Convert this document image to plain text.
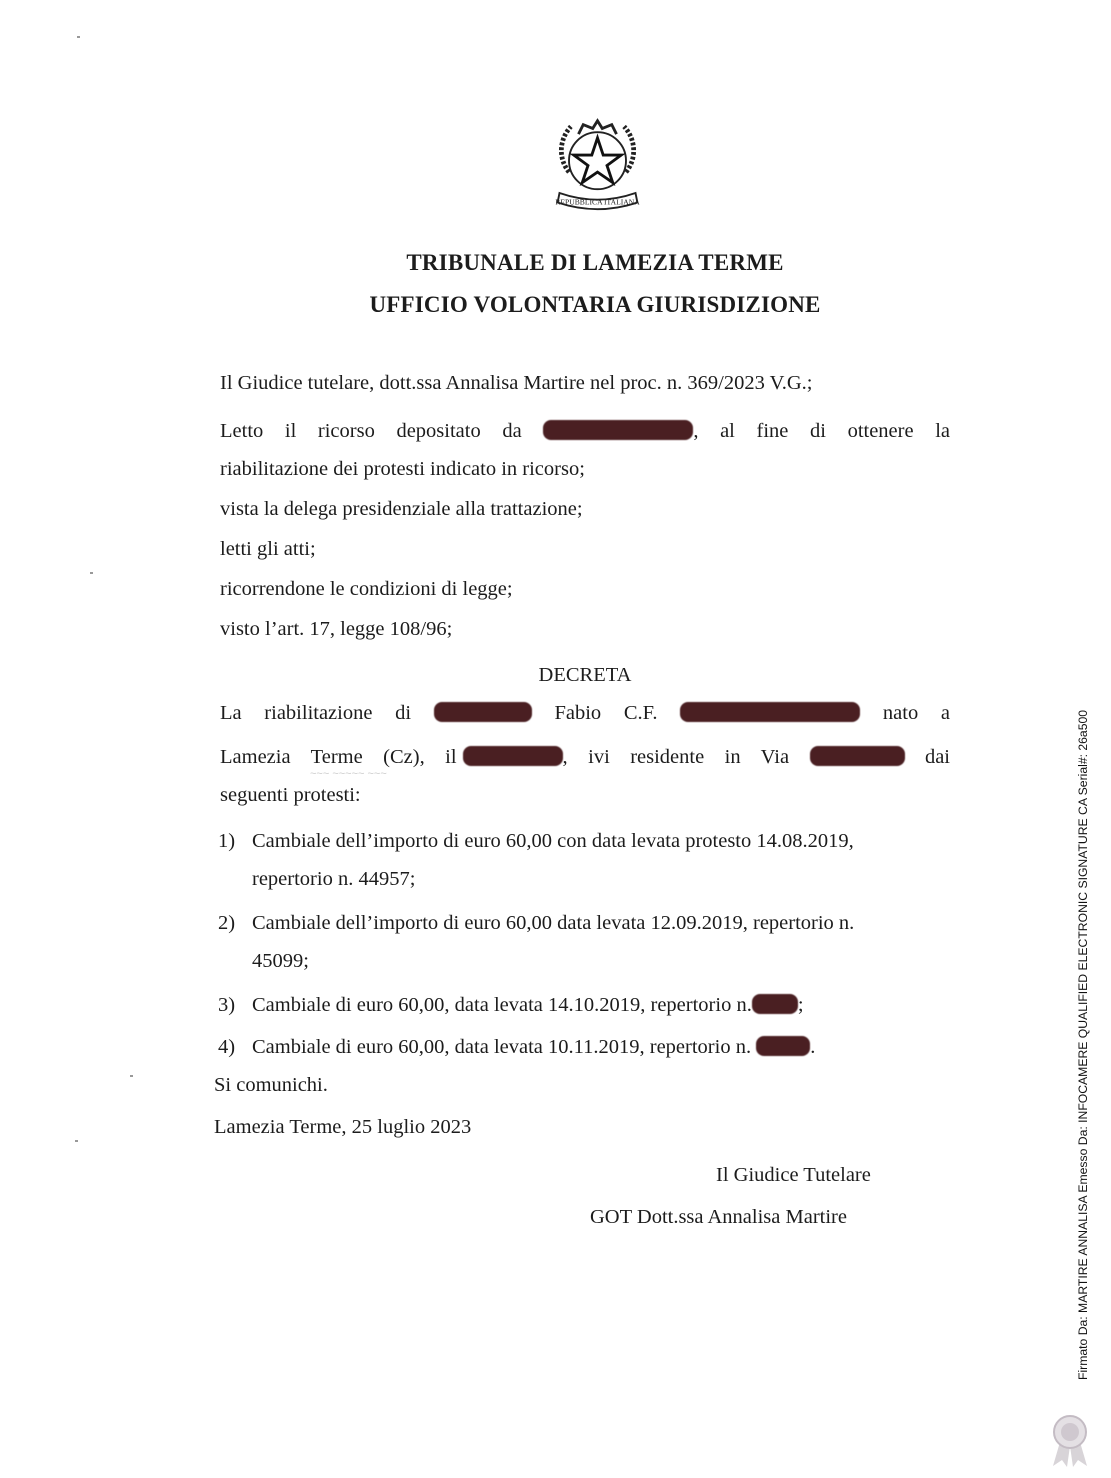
REPUBBLICA ITALIANA
TRIBUNALE DI LAMEZIA TERME
UFFICIO VOLONTARIA GIURISDIZIONE
Il Giudice tutelare, dott.ssa Annalisa Martire nel proc. n. 369/2023 V.G.;
Letto il ricorso depositato da	, al fine di ottenere la
riabilitazione dei protesti indicato in ricorso;
vista la delega presidenziale alla trattazione;
letti gli atti;
ricorrendone le condizioni di legge;
visto l’art. 17, legge 108/96;
DECRETA
La riabilitazione di	Fabio C.F.	nato a
Lamezia Terme (Cz), il	, ivi residente in Via	dai
seguenti protesti:
1) Cambiale dell’importo di euro 60,00 con data levata protesto 14.08.2019,
repertorio n. 44957;
2) Cambiale dell’importo di euro 60,00 data levata 12.09.2019, repertorio n.
45099;
3) Cambiale di euro 60,00, data levata 14.10.2019, repertorio n. ;
4) Cambiale di euro 60,00, data levata 10.11.2019, repertorio n.	.
Si comunichi.
Lamezia Terme, 25 luglio 2023
Il Giudice Tutelare
GOT Dott.ssa Annalisa Martire
~~~ ~~~~~ ~~~	Firmato Da: MARTIRE ANNALISA Emesso Da: INFOCAMERE QUALIFIED ELECTRONIC SIGNATURE CA Serial#: 26a500
